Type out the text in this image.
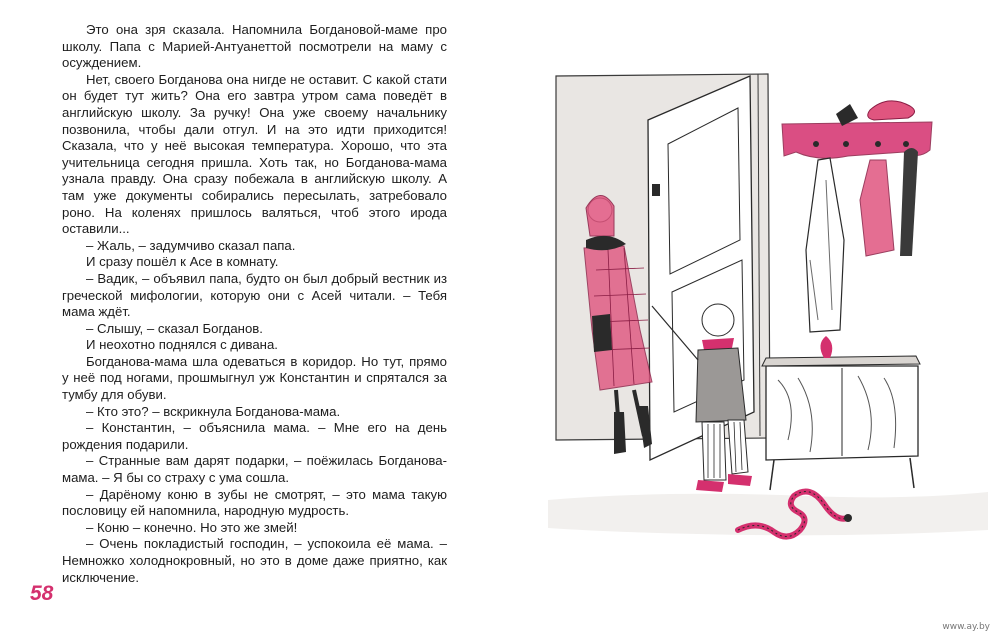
Это она зря сказала. Напомнила Богдановой-маме про школу. Папа с Марией-Антуанеттой посмотрели на маму с осуждением.

Нет, своего Богданова она нигде не оставит. С какой стати он будет тут жить? Она его завтра утром сама поведёт в английскую школу. За ручку! Она уже своему начальнику позвонила, чтобы дали отгул. И на это идти приходится! Сказала, что у неё высокая температура. Хорошо, что эта учительница сегодня пришла. Хоть так, но Богданова-мама узнала правду. Она сразу побежала в английскую школу. А там уже документы собирались пересылать, затребовало роно. На коленях пришлось валяться, чтоб этого ирода оставили...

– Жаль, – задумчиво сказал папа.

И сразу пошёл к Асе в комнату.

– Вадик, – объявил папа, будто он был добрый вестник из греческой мифологии, которую они с Асей читали. – Тебя мама ждёт.

– Слышу, – сказал Богданов.

И неохотно поднялся с дивана.

Богданова-мама шла одеваться в коридор. Но тут, прямо у неё под ногами, прошмыгнул уж Константин и спрятался за тумбу для обуви.

– Кто это? – вскрикнула Богданова-мама.

– Константин, – объяснила мама. – Мне его на день рождения подарили.

– Странные вам дарят подарки, – поёжилась Богданова-мама. – Я бы со страху с ума сошла.

– Дарёному коню в зубы не смотрят, – это мама такую пословицу ей напомнила, народную мудрость.

– Коню – конечно. Но это же змей!

– Очень покладистый господин, – успокоила её мама. – Немножко холоднокровный, но это в доме даже приятно, как исключение.

58
www.ay.by
